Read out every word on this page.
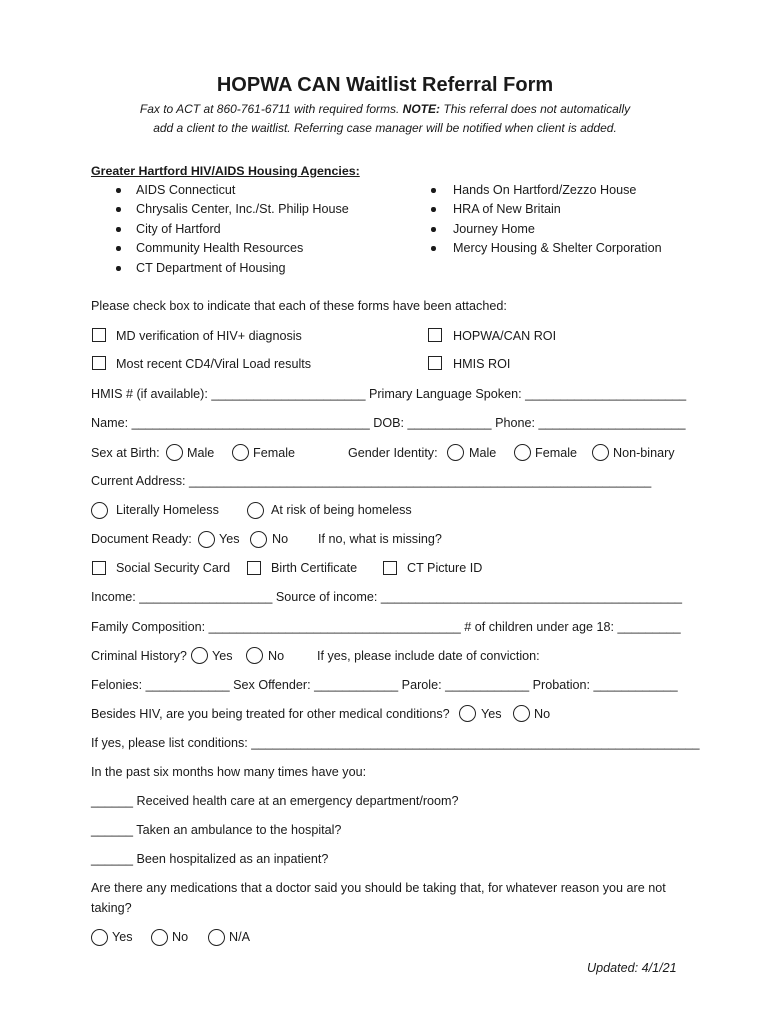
HOPWA CAN Waitlist Referral Form
Fax to ACT at 860-761-6711 with required forms. NOTE: This referral does not automatically
add a client to the waitlist. Referring case manager will be notified when client is added.
Greater Hartford HIV/AIDS Housing Agencies:
AIDS Connecticut
Chrysalis Center, Inc./St. Philip House
City of Hartford
Community Health Resources
CT Department of Housing
Hands On Hartford/Zezzo House
HRA of New Britain
Journey Home
Mercy Housing & Shelter Corporation
Please check box to indicate that each of these forms have been attached:
MD verification of HIV+ diagnosis	HOPWA/CAN ROI
Most recent CD4/Viral Load results	HMIS ROI
HMIS # (if available): ______________________ Primary Language Spoken: _______________________
Name: __________________________________ DOB: ____________ Phone: _____________________
Sex at Birth: Male	Female	Gender Identity: Male	Female	Non-binary
Current Address: __________________________________________________________________
Literally Homeless	At risk of being homeless
Document Ready: Yes	No If no, what is missing?
Social Security Card	Birth Certificate	CT Picture ID
Income: ___________________ Source of income: ___________________________________________
Family Composition: ____________________________________ # of children under age 18: _________
Criminal History? Yes	No	If yes, please include date of conviction:
Felonies: ____________ Sex Offender: ____________ Parole: ____________ Probation: ____________
Besides HIV, are you being treated for other medical conditions? Yes	No
If yes, please list conditions: ________________________________________________________________
In the past six months how many times have you:
______ Received health care at an emergency department/room?
______ Taken an ambulance to the hospital?
______ Been hospitalized as an inpatient?
Are there any medications that a doctor said you should be taking that, for whatever reason you are not
taking?
Yes	No	N/A
Updated: 4/1/21
